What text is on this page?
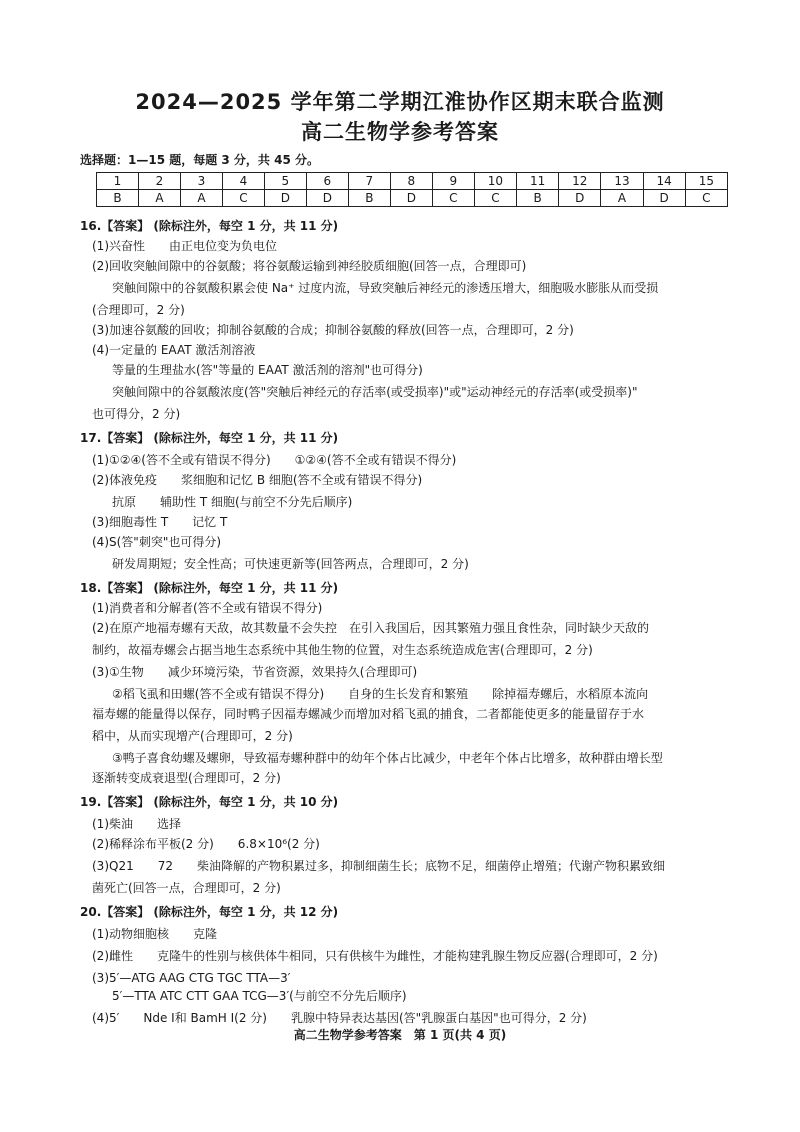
2024—2025 学年第二学期江淮协作区期末联合监测
高二生物学参考答案
选择题：1—15 题，每题 3 分，共 45 分。
1	2	3	4	5	6	7	8	9	10	11	12	13	14	15
B	A	A	C	D	D	B	D	C	C	B	D	A	D	C
16.【答案】 (除标注外，每空 1 分，共 11 分)
(1)兴奋性　　由正电位变为负电位
(2)回收突触间隙中的谷氨酸；将谷氨酸运输到神经胶质细胞(回答一点，合理即可)
突触间隙中的谷氨酸积累会使 Na⁺ 过度内流，导致突触后神经元的渗透压增大，细胞吸水膨胀从而受损
(合理即可，2 分)
(3)加速谷氨酸的回收；抑制谷氨酸的合成；抑制谷氨酸的释放(回答一点，合理即可，2 分)
(4)一定量的 EAAT 激活剂溶液
等量的生理盐水(答"等量的 EAAT 激活剂的溶剂"也可得分)
突触间隙中的谷氨酸浓度(答"突触后神经元的存活率(或受损率)"或"运动神经元的存活率(或受损率)"
也可得分，2 分)
17.【答案】 (除标注外，每空 1 分，共 11 分)
(1)①②④(答不全或有错误不得分)　　①②④(答不全或有错误不得分)
(2)体液免疫　　浆细胞和记忆 B 细胞(答不全或有错误不得分)
抗原　　辅助性 T 细胞(与前空不分先后顺序)
(3)细胞毒性 T　　记忆 T
(4)S(答"刺突"也可得分)
研发周期短；安全性高；可快速更新等(回答两点，合理即可，2 分)
18.【答案】 (除标注外，每空 1 分，共 11 分)
(1)消费者和分解者(答不全或有错误不得分)
(2)在原产地福寿螺有天敌，故其数量不会失控　在引入我国后，因其繁殖力强且食性杂，同时缺少天敌的
制约，故福寿螺会占据当地生态系统中其他生物的位置，对生态系统造成危害(合理即可，2 分)
(3)①生物　　减少环境污染，节省资源，效果持久(合理即可)
②稻飞虱和田螺(答不全或有错误不得分)　　自身的生长发育和繁殖　　除掉福寿螺后，水稻原本流向
福寿螺的能量得以保存，同时鸭子因福寿螺减少而增加对稻飞虱的捕食，二者都能使更多的能量留存于水
稻中，从而实现增产(合理即可，2 分)
③鸭子喜食幼螺及螺卵，导致福寿螺种群中的幼年个体占比减少，中老年个体占比增多，故种群由增长型
逐渐转变成衰退型(合理即可，2 分)
19.【答案】 (除标注外，每空 1 分，共 10 分)
(1)柴油　　选择
(2)稀释涂布平板(2 分)　　6.8×10⁶(2 分)
(3)Q21　　72　　柴油降解的产物积累过多，抑制细菌生长；底物不足，细菌停止增殖；代谢产物积累致细
菌死亡(回答一点，合理即可，2 分)
20.【答案】 (除标注外，每空 1 分，共 12 分)
(1)动物细胞核　　克隆
(2)雌性　　克隆牛的性别与核供体牛相同，只有供核牛为雌性，才能构建乳腺生物反应器(合理即可，2 分)
(3)5′—ATG AAG CTG TGC TTA—3′
5′—TTA ATC CTT GAA TCG—3′(与前空不分先后顺序)
(4)5′　　Nde Ⅰ和 BamH Ⅰ(2 分)　　乳腺中特异表达基因(答"乳腺蛋白基因"也可得分，2 分)
高二生物学参考答案　第 1 页(共 4 页)
